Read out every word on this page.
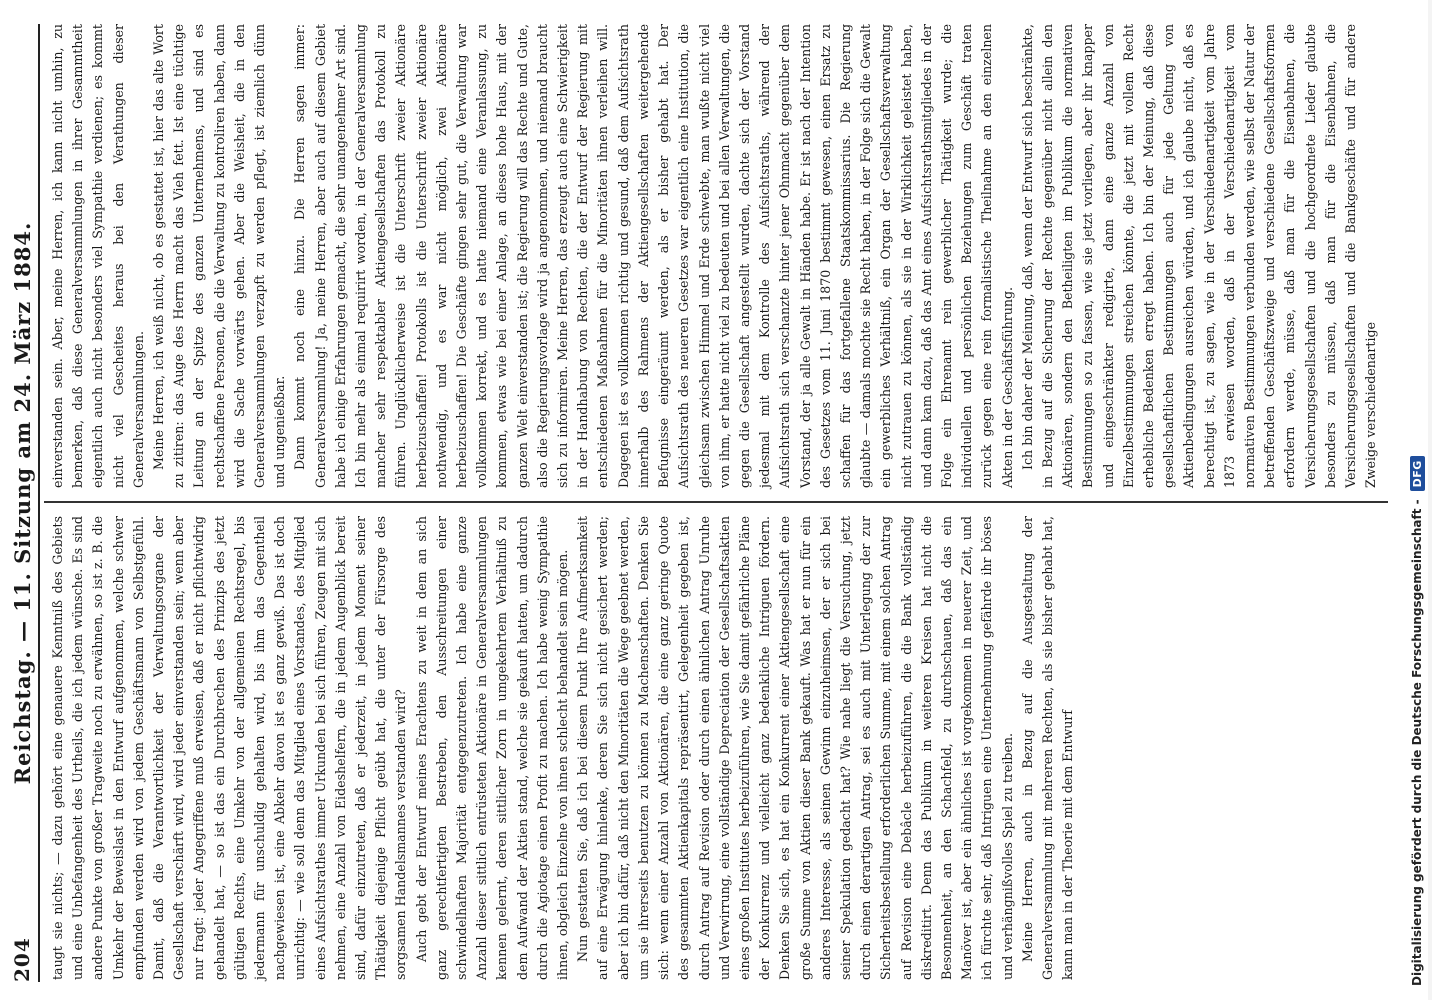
204
Reichstag. — 11. Sitzung am 24. März 1884. taugt sie nichts; — dazu gehört eine genauere Kenntniß des Gebiets und eine Unbefangenheit des Urtheils, die ich jedem wünsche. Es sind andere Punkte von großer Tragweite noch zu erwähnen, so ist z. B. die Umkehr der Beweislast in den Entwurf aufgenommen, welche schwer empfunden werden wird von jedem Geschäftsmann von Selbstgefühl. Damit, daß die Verantwortlichkeit der Verwaltungsorgane der Gesellschaft verschärft wird, wird jeder einverstanden sein; wenn aber nur fragt: jeder Angegriffene muß erweisen, daß er nicht pflichtwidrig gehandelt hat, — so ist das ein Durchbrechen des Prinzips des jetzt gültigen Rechts, eine Umkehr von der allgemeinen Rechtsregel, bis jedermann für unschuldig gehalten wird, bis ihm das Gegentheil nachgewiesen ist, eine Abkehr davon ist es ganz gewiß. Das ist doch unrichtig: — wie soll denn das Mitglied eines Vorstandes, des Mitglied eines Aufsichtsrathes immer Urkunden bei sich führen, Zeugen mit sich nehmen, eine Anzahl von Eideshelfern, die in jedem Augenblick bereit sind, dafür einzutreten, daß er jederzeit, in jedem Moment seiner Thätigkeit diejenige Pflicht geübt hat, die unter der Fürsorge des sorgsamen Handelsmannes verstanden wird? Auch gebt der Entwurf meines Erachtens zu weit in dem an sich ganz gerechtfertigten Bestreben, den Ausschreitungen einer schwindelhaften Majorität entgegenzutreten. Ich habe eine ganze Anzahl dieser sittlich entrüsteten Aktionäre in Generalversammlungen kennen gelernt, deren sittlicher Zorn in umgekehrtem Verhältniß zu dem Aufwand der Aktien stand, welche sie gekauft hatten, um dadurch durch die Agiotage einen Profit zu machen. Ich habe wenig Sympathie ihnen, obgleich Einzelne von ihnen schlecht behandelt sein mögen. Nun gestatten Sie, daß ich bei diesem Punkt Ihre Aufmerksamkeit auf eine Erwägung hinlenke, deren Sie sich nicht gesichert werden; aber ich bin dafür, daß nicht den Minoritäten die Wege geebnet werden, um sie ihrerseits benutzen zu können zu Machenschaften. Denken Sie sich: wenn einer Anzahl von Aktionären, die eine ganz geringe Quote des gesammten Aktienkapitals repräsentirt, Gelegenheit gegeben ist, durch Antrag auf Revision oder durch einen ähnlichen Antrag Unruhe und Verwirrung, eine vollständige Depreciation der Gesellschaftsaktien eines großen Institutes herbeizuführen, wie Sie damit gefährliche Pläne der Konkurrenz und vielleicht ganz bedenkliche Intriguen fördern. Denken Sie sich, es hat ein Konkurrent einer Aktiengesellschaft eine große Summe von Aktien dieser Bank gekauft. Was hat er nun für ein anderes Interesse, als seinen Gewinn einzuheimsen, der er sich bei seiner Spekulation gedacht hat? Wie nahe liegt die Versuchung, jetzt durch einen derartigen Antrag, sei es auch mit Unterlegung der zur Sicherheitsbestellung erforderlichen Summe, mit einem solchen Antrag auf Revision eine Debâcle herbeizuführen, die die Bank vollständig diskreditirt. Denn das Publikum in weiteren Kreisen hat nicht die Besonnenheit, an den Schachfeld, zu durchschauen, daß das ein Manöver ist, aber ein ähnliches ist vorgekommen in neuerer Zeit, und ich fürchte sehr, daß Intriguen eine Unternehmung gefährde ihr böses und verhängnißvolles Spiel zu treiben. Meine Herren, auch in Bezug auf die Ausgestaltung der Generalversammlung mit mehreren Rechten, als sie bisher gehabt hat, kann man in der Theorie mit dem Entwurf

einverstanden sein. Aber, meine Herren, ich kann nicht umhin, zu bemerken, daß diese Generalversammlungen in ihrer Gesammtheit eigentlich auch nicht besonders viel Sympathie verdienen; es kommt nicht viel Gescheites heraus bei den Verathungen dieser Generalversammlungen. Meine Herren, ich weiß nicht, ob es gestattet ist, hier das alte Wort zu zitiren: das Auge des Herrn macht das Vieh fett. Ist eine tüchtige Leitung an der Spitze des ganzen Unternehmens, und sind es rechtschaffene Personen, die die Verwaltung zu kontroliren haben, dann wird die Sache vorwärts gehen. Aber die Weisheit, die in den Generalversammlungen verzapft zu werden pflegt, ist ziemlich dünn und ungenießbar. Dann kommt noch eine hinzu. Die Herren sagen immer: Generalversammlung! Ja, meine Herren, aber auch auf diesem Gebiet habe ich einige Erfahrungen gemacht, die sehr unangenehmer Art sind. Ich bin mehr als einmal requirirt worden, in der Generalversammlung mancher sehr respektabler Aktiengesellschaften das Protokoll zu führen. Unglücklicherweise ist die Unterschrift zweier Aktionäre herbeizuschaffen! Protokolls ist die Unterschrift zweier Aktionäre nothwendig, und es war nicht möglich, zwei Aktionäre herbeizuschaffen! Die Geschäfte gingen sehr gut, die Verwaltung war vollkommen korrekt, und es hatte niemand eine Veranlassung, zu kommen, etwas wie bei einer Anlage, an dieses hohe Haus, mit der ganzen Welt einverstanden ist; die Regierung will das Rechte und Gute, also die Regierungsvorlage wird ja angenommen, und niemand braucht sich zu informiren. Meine Herren, das erzeugt auch eine Schwierigkeit in der Handhabung von Rechten, die der Entwurf der Regierung mit entschiedenen Maßnahmen für die Minoritäten ihnen verleihen will. Dagegen ist es vollkommen richtig und gesund, daß dem Aufsichtsrath innerhalb des Rahmens der Aktiengesellschaften weitergehende Befugnisse eingeräumt werden, als er bisher gehabt hat. Der Aufsichtsrath des neueren Gesetzes war eigentlich eine Institution, die gleichsam zwischen Himmel und Erde schwebte, man wußte nicht viel von ihm, er hatte nicht viel zu bedeuten und bei allen Verwaltungen, die gegen die Gesellschaft angestellt wurden, dachte sich der Vorstand jedesmal mit dem Kontrolle des Aufsichtsraths, während der Aufsichtsrath sich verschanzte hinter jener Ohnmacht gegenüber dem Vorstand, der ja alle Gewalt in Händen habe. Er ist nach der Intention des Gesetzes vom 11. Juni 1870 bestimmt gewesen, einen Ersatz zu schaffen für das fortgefallene Staatskommissarius. Die Regierung glaubte — damals mochte sie Recht haben, in der Folge sich die Gewalt ein gewerbliches Verhältniß, ein Organ der Gesellschaftsverwaltung nicht zutrauen zu können, als sie in der Wirklichkeit geleistet haben, und dann kam dazu, daß das Amt eines Aufsichtsrathsmitgliedes in der Folge ein Ehrenamt rein gewerblicher Thätigkeit wurde; die individuellen und persönlichen Beziehungen zum Geschäft traten zurück gegen eine rein formalistische Theilnahme an den einzelnen Akten in der Geschäftsführung. Ich bin daher der Meinung, daß, wenn der Entwurf sich beschränkte, in Bezug auf die Sicherung der Rechte gegenüber nicht allein den Aktionären, sondern den Betheiligten im Publikum die normativen Bestimmungen so zu fassen, wie sie jetzt vorliegen, aber ihr knapper und eingeschränkter redigirte, dann eine ganze Anzahl von Einzelbestimmungen streichen könnte, die jetzt mit vollem Recht erhebliche Bedenken erregt haben. Ich bin der Meinung, daß diese gesellschaftlichen Bestimmungen auch für jede Geltung von Aktienbedingungen ausreichen würden, und ich glaube nicht, daß es berechtigt ist, zu sagen, wie in der Verschiedenartigkeit vom Jahre 1873 erwiesen worden, daß in der Verschiedenartigkeit vom normativen Bestimmungen verbunden werden, wie selbst der Natur der betreffenden Geschäftszweige und verschiedene Gesellschaftsformen erfordern werde, müsse, daß man für die Eisenbahnen, die Versicherungsgesellschaften und die hochgeordnete Lieder glaubte besonders zu müssen, daß man für die Eisenbahnen, die Versicherungsgesellschaften und die Bankgeschäfte und für andere Zweige verschiedenartige

Digitalisierung gefördert durch die Deutsche Forschungsgemeinschaft -
DFG
